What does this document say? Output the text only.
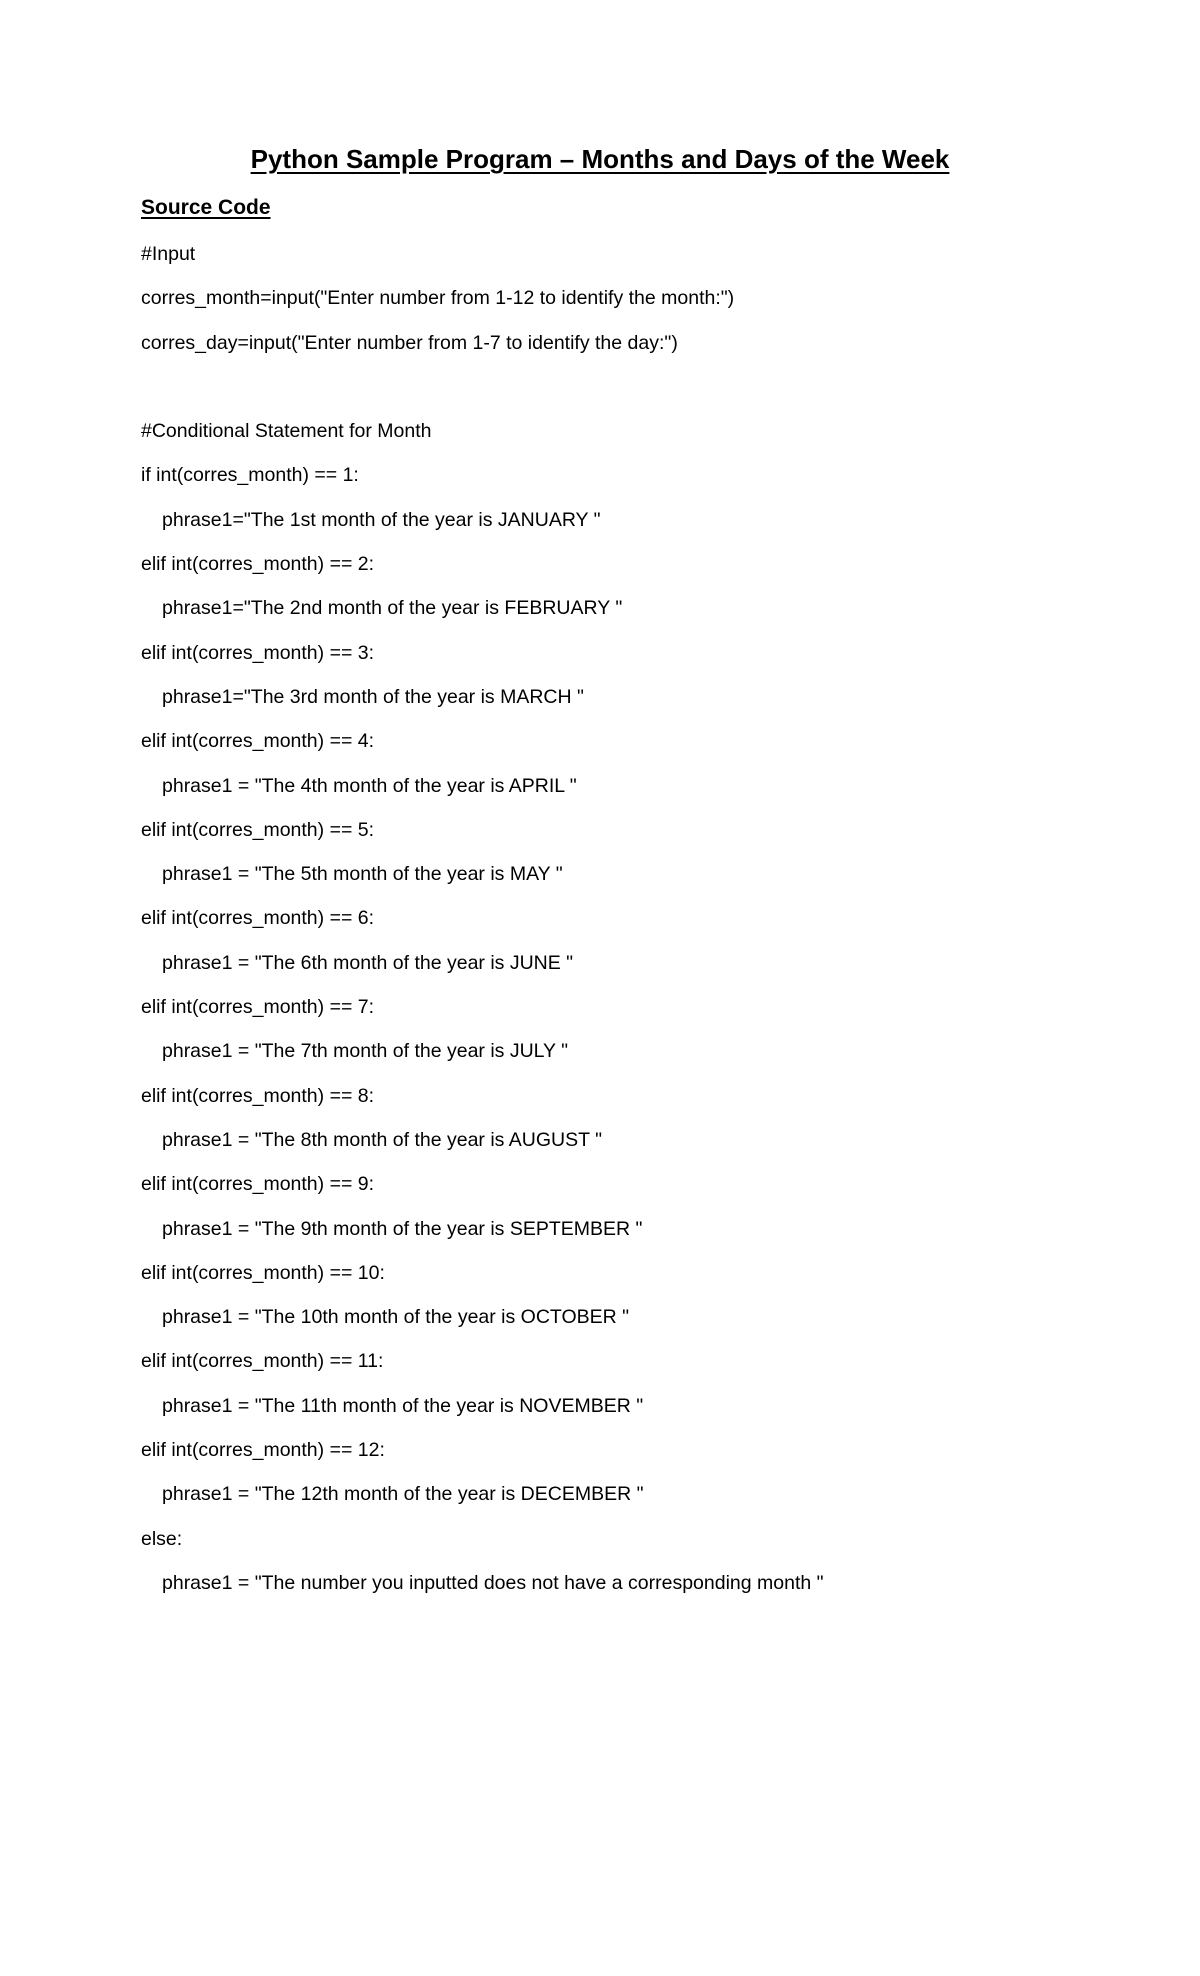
Python Sample Program – Months and Days of the Week
Source Code
#Input
corres_month=input("Enter number from 1-12 to identify the month:")
corres_day=input("Enter number from 1-7 to identify the day:")
#Conditional Statement for Month
if int(corres_month) == 1:
phrase1="The 1st month of the year is JANUARY "
elif int(corres_month) == 2:
phrase1="The 2nd month of the year is FEBRUARY "
elif int(corres_month) == 3:
phrase1="The 3rd month of the year is MARCH "
elif int(corres_month) == 4:
phrase1 = "The 4th month of the year is APRIL "
elif int(corres_month) == 5:
phrase1 = "The 5th month of the year is MAY "
elif int(corres_month) == 6:
phrase1 = "The 6th month of the year is JUNE "
elif int(corres_month) == 7:
phrase1 = "The 7th month of the year is JULY "
elif int(corres_month) == 8:
phrase1 = "The 8th month of the year is AUGUST "
elif int(corres_month) == 9:
phrase1 = "The 9th month of the year is SEPTEMBER "
elif int(corres_month) == 10:
phrase1 = "The 10th month of the year is OCTOBER "
elif int(corres_month) == 11:
phrase1 = "The 11th month of the year is NOVEMBER "
elif int(corres_month) == 12:
phrase1 = "The 12th month of the year is DECEMBER "
else:
phrase1 = "The number you inputted does not have a corresponding month "
